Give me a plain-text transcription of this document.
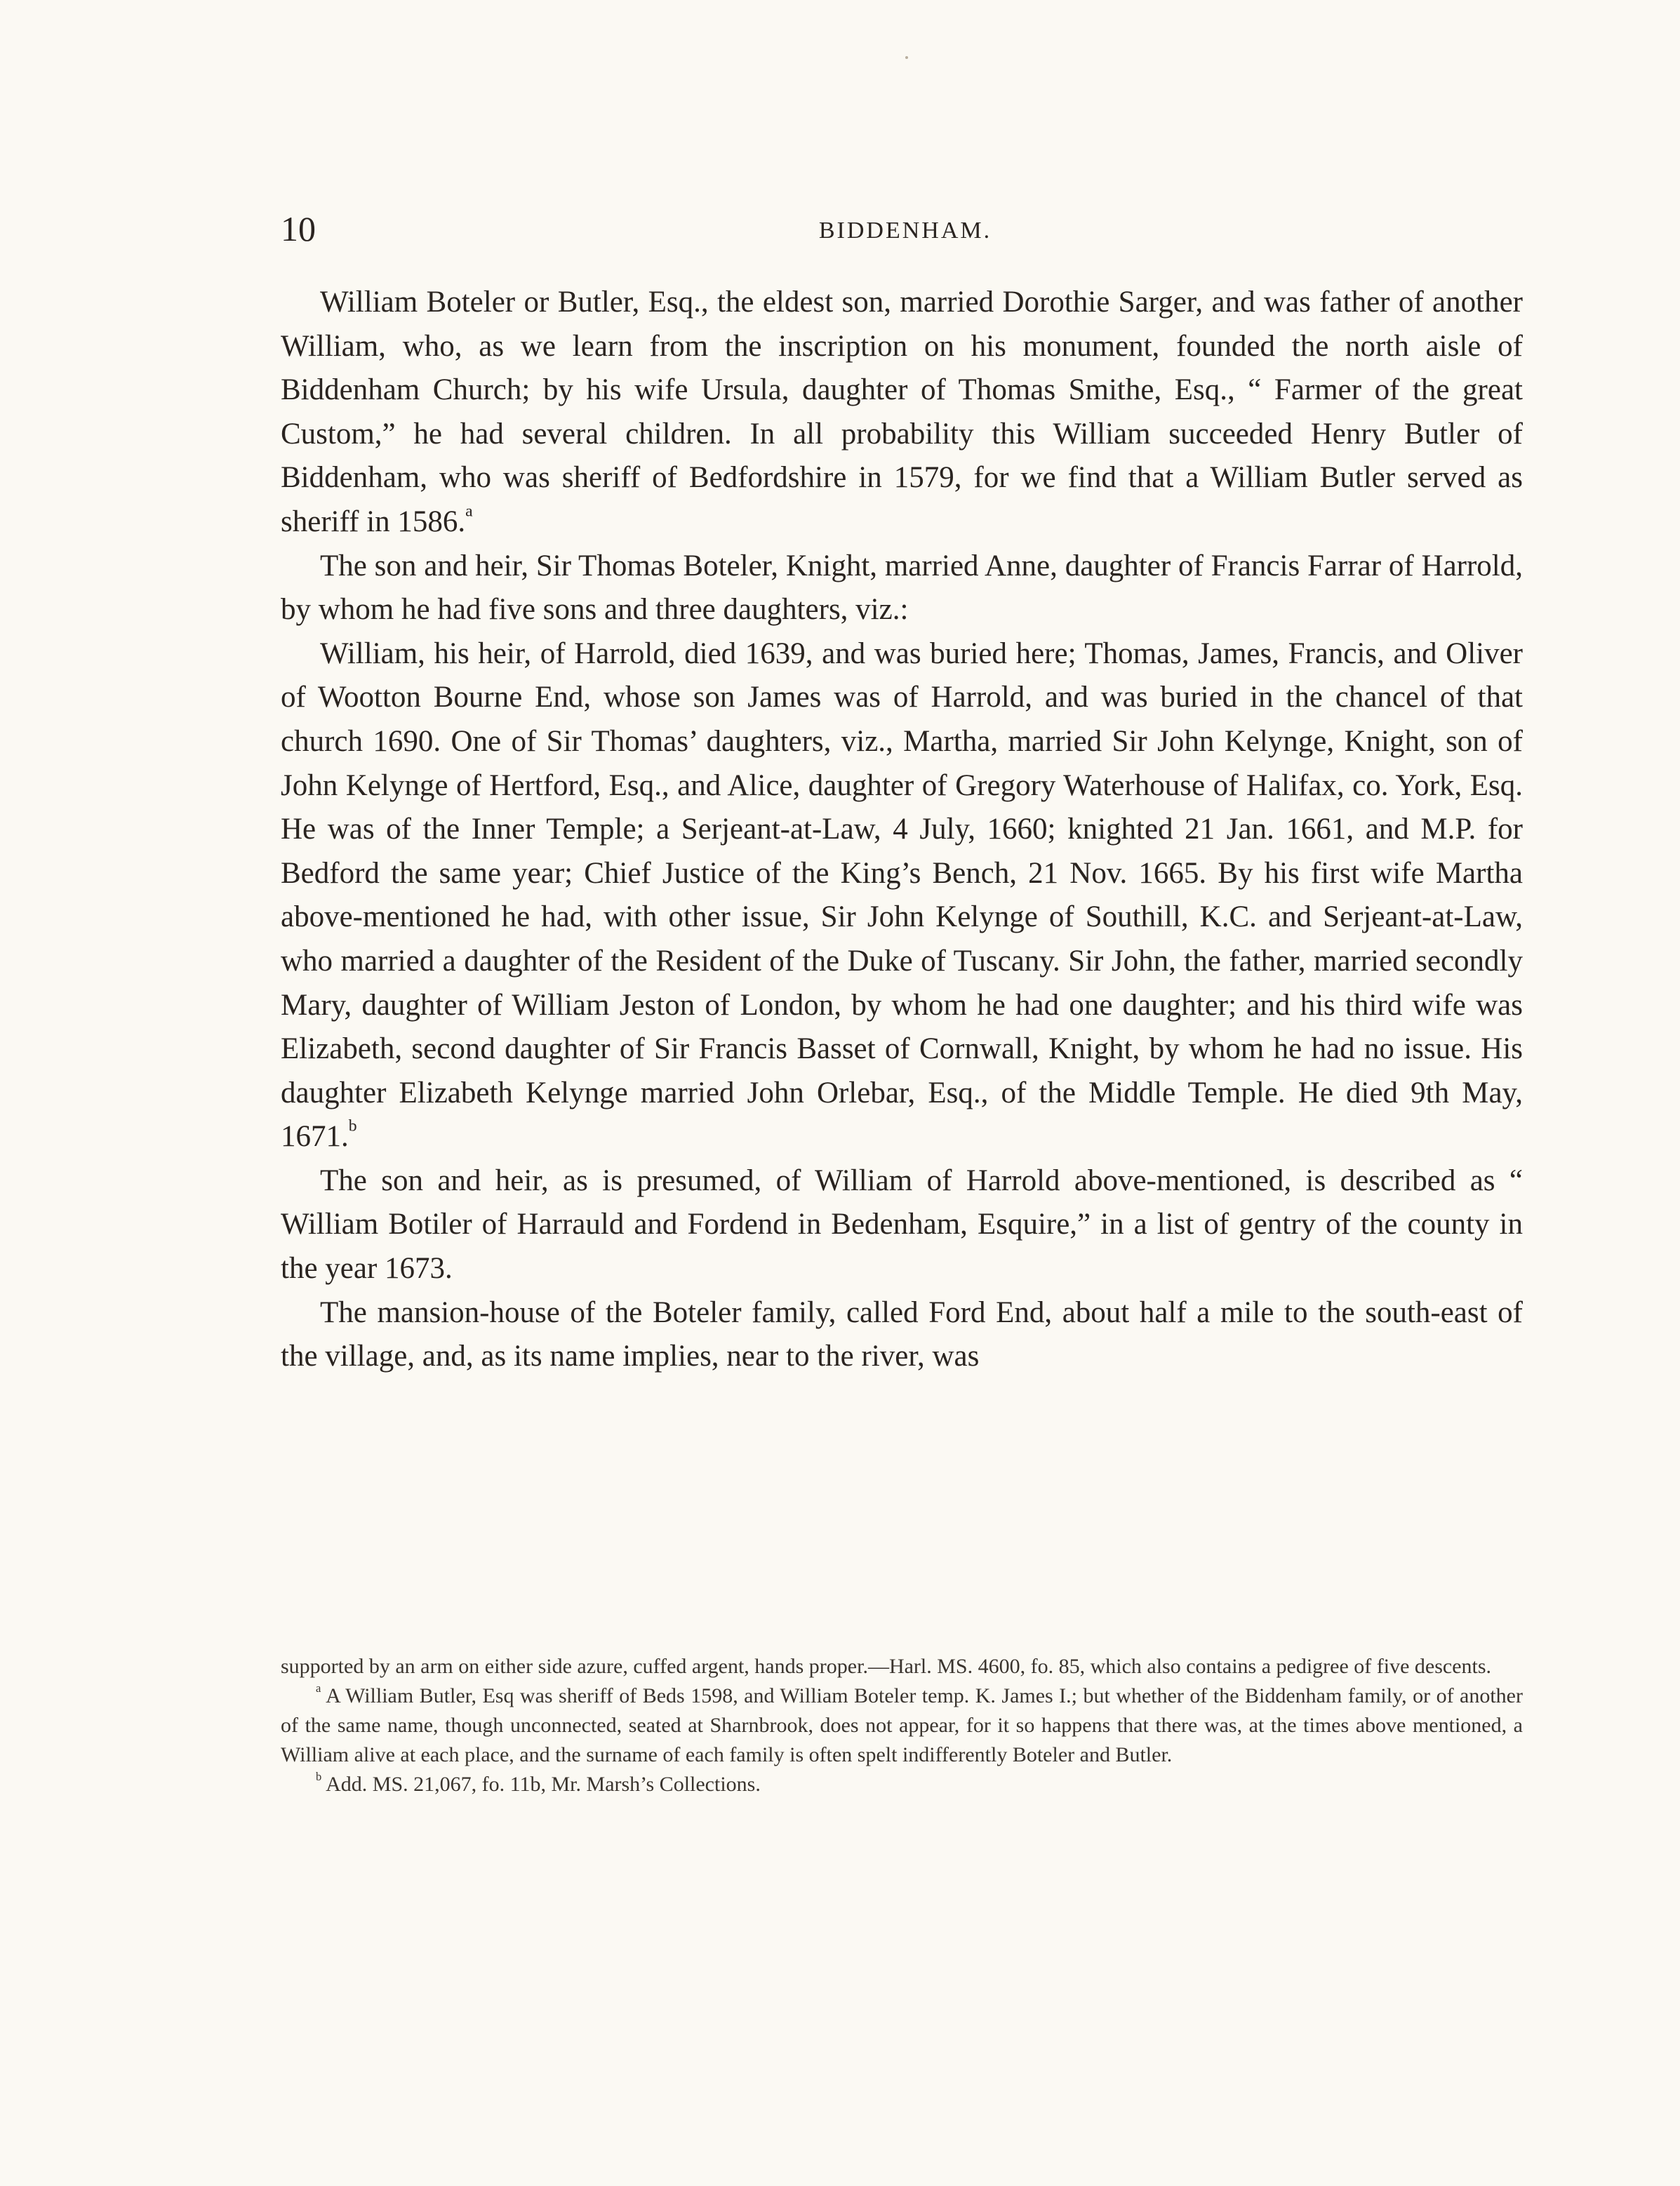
10	BIDDENHAM.

William Boteler or Butler, Esq., the eldest son, married Dorothie Sarger, and was father of another William, who, as we learn from the inscription on his monument, founded the north aisle of Biddenham Church; by his wife Ursula, daughter of Thomas Smithe, Esq., “ Farmer of the great Custom,” he had several children. In all probability this William succeeded Henry Butler of Biddenham, who was sheriff of Bedfordshire in 1579, for we find that a William Butler served as sheriff in 1586.$^a$

The son and heir, Sir Thomas Boteler, Knight, married Anne, daughter of Francis Farrar of Harrold, by whom he had five sons and three daughters, viz.:

William, his heir, of Harrold, died 1639, and was buried here; Thomas, James, Francis, and Oliver of Wootton Bourne End, whose son James was of Harrold, and was buried in the chancel of that church 1690. One of Sir Thomas’ daughters, viz., Martha, married Sir John Kelynge, Knight, son of John Kelynge of Hertford, Esq., and Alice, daughter of Gregory Waterhouse of Halifax, co. York, Esq. He was of the Inner Temple; a Serjeant-at-Law, 4 July, 1660; knighted 21 Jan. 1661, and M.P. for Bedford the same year; Chief Justice of the King’s Bench, 21 Nov. 1665. By his first wife Martha above-mentioned he had, with other issue, Sir John Kelynge of Southill, K.C. and Serjeant-at-Law, who married a daughter of the Resident of the Duke of Tuscany. Sir John, the father, married secondly Mary, daughter of William Jeston of London, by whom he had one daughter; and his third wife was Elizabeth, second daughter of Sir Francis Basset of Cornwall, Knight, by whom he had no issue. His daughter Elizabeth Kelynge married John Orlebar, Esq., of the Middle Temple. He died 9th May, 1671.$^b$

The son and heir, as is presumed, of William of Harrold above-mentioned, is described as “ William Botiler of Harrauld and Fordend in Bedenham, Esquire,” in a list of gentry of the county in the year 1673.

The mansion-house of the Boteler family, called Ford End, about half a mile to the south-east of the village, and, as its name implies, near to the river, was

supported by an arm on either side azure, cuffed argent, hands proper.—Harl. MS. 4600, fo. 85, which also contains a pedigree of five descents.

$^a$ A William Butler, Esq was sheriff of Beds 1598, and William Boteler temp. K. James I.; but whether of the Biddenham family, or of another of the same name, though unconnected, seated at Sharnbrook, does not appear, for it so happens that there was, at the times above mentioned, a William alive at each place, and the surname of each family is often spelt indifferently Boteler and Butler.

$^b$ Add. MS. 21,067, fo. 11b, Mr. Marsh’s Collections.
